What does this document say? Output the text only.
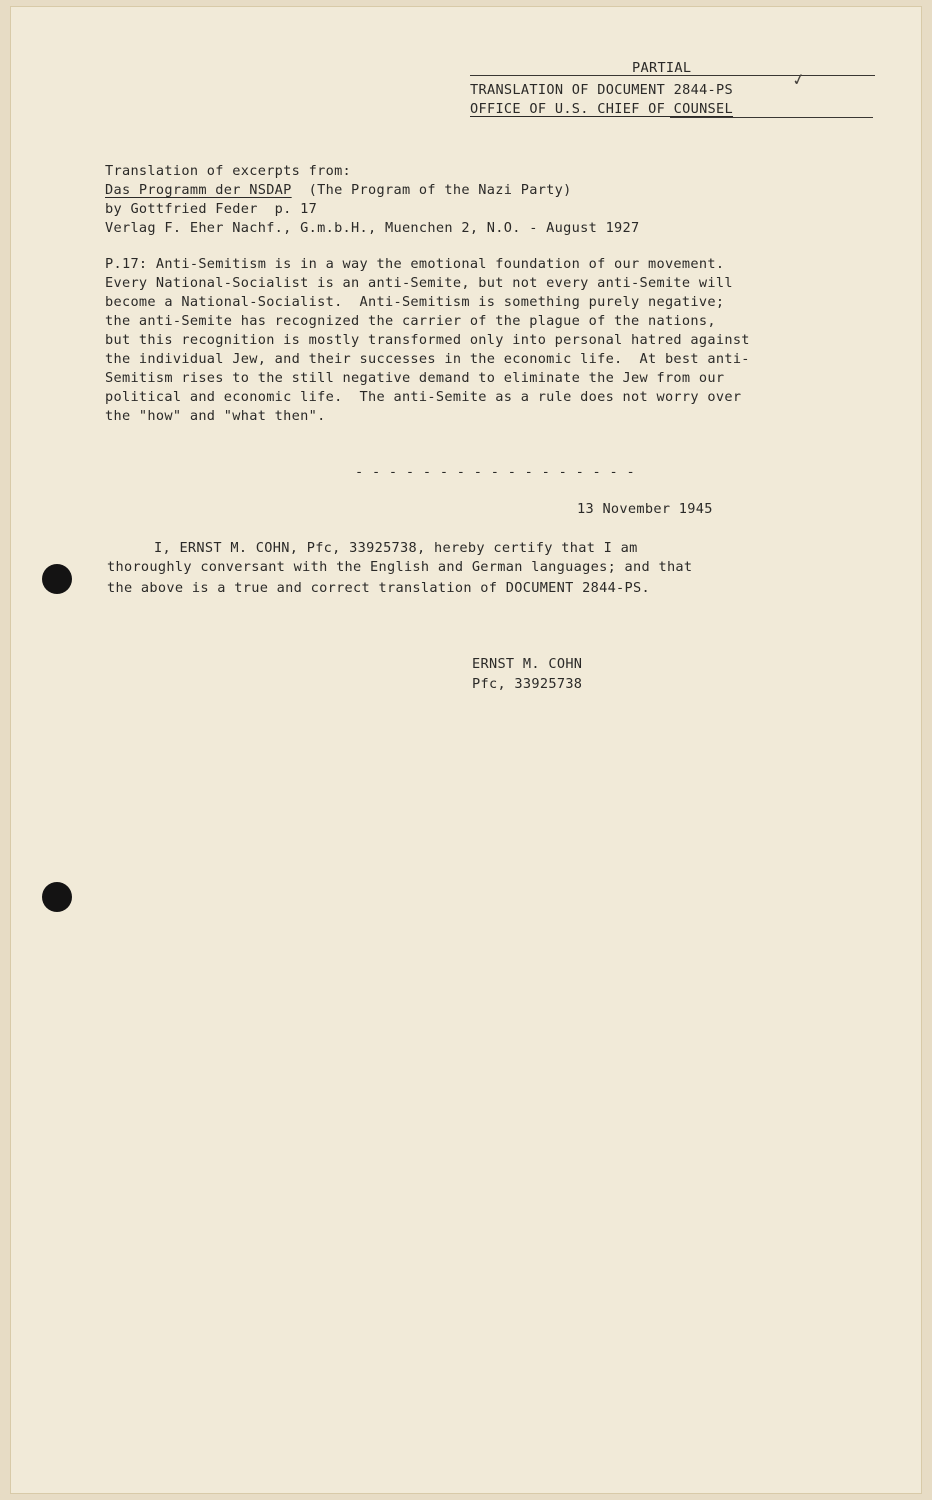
PARTIAL

✓

TRANSLATION OF DOCUMENT 2844-PS

OFFICE OF U.S. CHIEF OF COUNSEL

Translation of excerpts from:

Das Programm der NSDAP (The Program of the Nazi Party)

by Gottfried Feder  p. 17

Verlag F. Eher Nachf., G.m.b.H., Muenchen 2, N.O. - August 1927

P.17: Anti-Semitism is in a way the emotional foundation of our movement.

Every National-Socialist is an anti-Semite, but not every anti-Semite will

become a National-Socialist.  Anti-Semitism is something purely negative;

the anti-Semite has recognized the carrier of the plague of the nations,

but this recognition is mostly transformed only into personal hatred against

the individual Jew, and their successes in the economic life.  At best anti-

Semitism rises to the still negative demand to eliminate the Jew from our

political and economic life.  The anti-Semite as a rule does not worry over

the "how" and "what then".

- - - - - - - - - - - - - - - - -

13 November 1945

I, ERNST M. COHN, Pfc, 33925738, hereby certify that I am

thoroughly conversant with the English and German languages; and that

the above is a true and correct translation of DOCUMENT 2844-PS.

ERNST M. COHN

Pfc, 33925738
